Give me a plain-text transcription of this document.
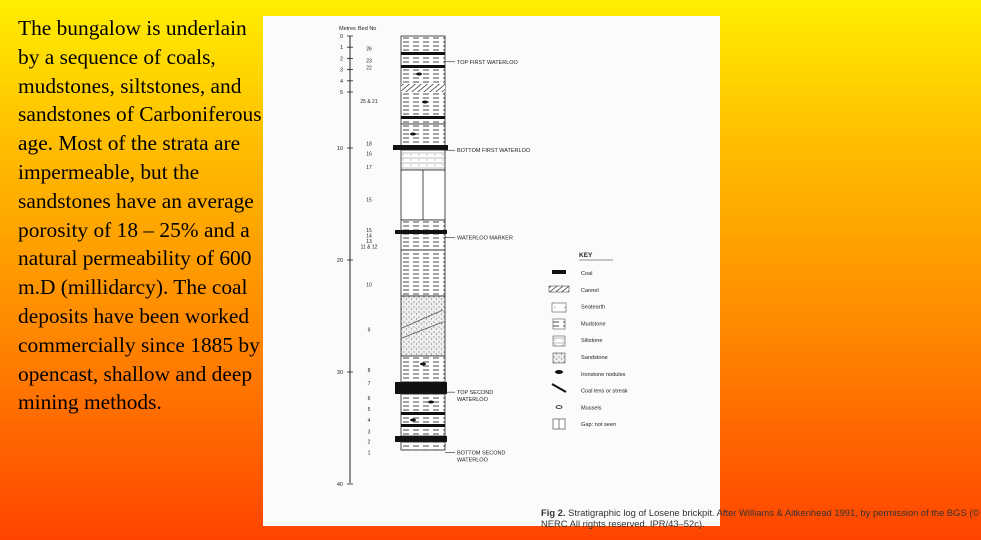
The bungalow is underlain by a sequence of coals, mudstones, siltstones, and sandstones of Carboniferous age. Most of the strata are impermeable, but the sandstones have an average porosity of 18 – 25% and a natural permeability of 600 m.D (millidarcy). The coal deposits have been worked commercially since 1885 by opencast, shallow and deep mining methods.
Metres Bed No
0
1
2
3
4
5
10
20
30
40
26
23
22
25 & 21
18
16
17
15
15
14
13
11 & 12
10
9
8
7
6
5
4
3
2
1
TOP FIRST WATERLOO
BOTTOM FIRST WATERLOO
WATERLOO MARKER
TOP SECOND
WATERLOO
BOTTOM SECOND
WATERLOO
KEY
Coal
Cannel
Seatearth
Mudstone
Siltstone
Sandstone
Ironstone nodules
Coal lens or streak
Mussels
Gap: not seen
Fig 2. Stratigraphic log of Losene brickpit. After Williams & Aitkenhead 1991, by permission of the BGS (© NERC All rights reserved. IPR/43–52c).
